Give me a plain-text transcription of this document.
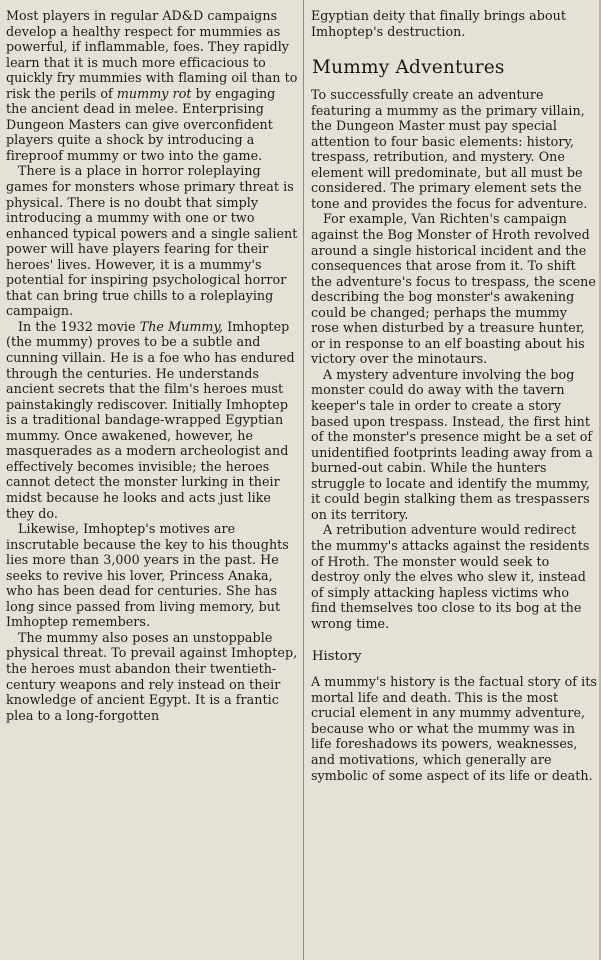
Most players in regular AD&D campaigns develop a healthy respect for mummies as powerful, if inflammable, foes. They rapidly learn that it is much more efficacious to quickly fry mummies with flaming oil than to risk the perils of mummy rot by engaging the ancient dead in melee. Enterprising Dungeon Masters can give overconfident players quite a shock by introducing a fireproof mummy or two into the game.

There is a place in horror roleplaying games for monsters whose primary threat is physical. There is no doubt that simply introducing a mummy with one or two enhanced typical powers and a single salient power will have players fearing for their heroes' lives. However, it is a mummy's potential for inspiring psychological horror that can bring true chills to a roleplaying campaign.

In the 1932 movie The Mummy, Imhoptep (the mummy) proves to be a subtle and cunning villain. He is a foe who has endured through the centuries. He understands ancient secrets that the film's heroes must painstakingly rediscover. Initially Imhoptep is a traditional bandage-wrapped Egyptian mummy. Once awakened, however, he masquerades as a modern archeologist and effectively becomes invisible; the heroes cannot detect the monster lurking in their midst because he looks and acts just like they do.

Likewise, Imhoptep's motives are inscrutable because the key to his thoughts lies more than 3,000 years in the past. He seeks to revive his lover, Princess Anaka, who has been dead for centuries. She has long since passed from living memory, but Imhoptep remembers.

The mummy also poses an unstoppable physical threat. To prevail against Imhoptep, the heroes must abandon their twentieth-century weapons and rely instead on their knowledge of ancient Egypt. It is a frantic plea to a long-forgotten

Egyptian deity that finally brings about Imhoptep's destruction.

Mummy Adventures

To successfully create an adventure featuring a mummy as the primary villain, the Dungeon Master must pay special attention to four basic elements: history, trespass, retribution, and mystery. One element will predominate, but all must be considered. The primary element sets the tone and provides the focus for adventure.

For example, Van Richten's campaign against the Bog Monster of Hroth revolved around a single historical incident and the consequences that arose from it. To shift the adventure's focus to trespass, the scene describing the bog monster's awakening could be changed; perhaps the mummy rose when disturbed by a treasure hunter, or in response to an elf boasting about his victory over the minotaurs.

A mystery adventure involving the bog monster could do away with the tavern keeper's tale in order to create a story based upon trespass. Instead, the first hint of the monster's presence might be a set of unidentified footprints leading away from a burned-out cabin. While the hunters struggle to locate and identify the mummy, it could begin stalking them as trespassers on its territory.

A retribution adventure would redirect the mummy's attacks against the residents of Hroth. The monster would seek to destroy only the elves who slew it, instead of simply attacking hapless victims who find themselves too close to its bog at the wrong time.

History

A mummy's history is the factual story of its mortal life and death. This is the most crucial element in any mummy adventure, because who or what the mummy was in life foreshadows its powers, weaknesses, and motivations, which generally are symbolic of some aspect of its life or death.
